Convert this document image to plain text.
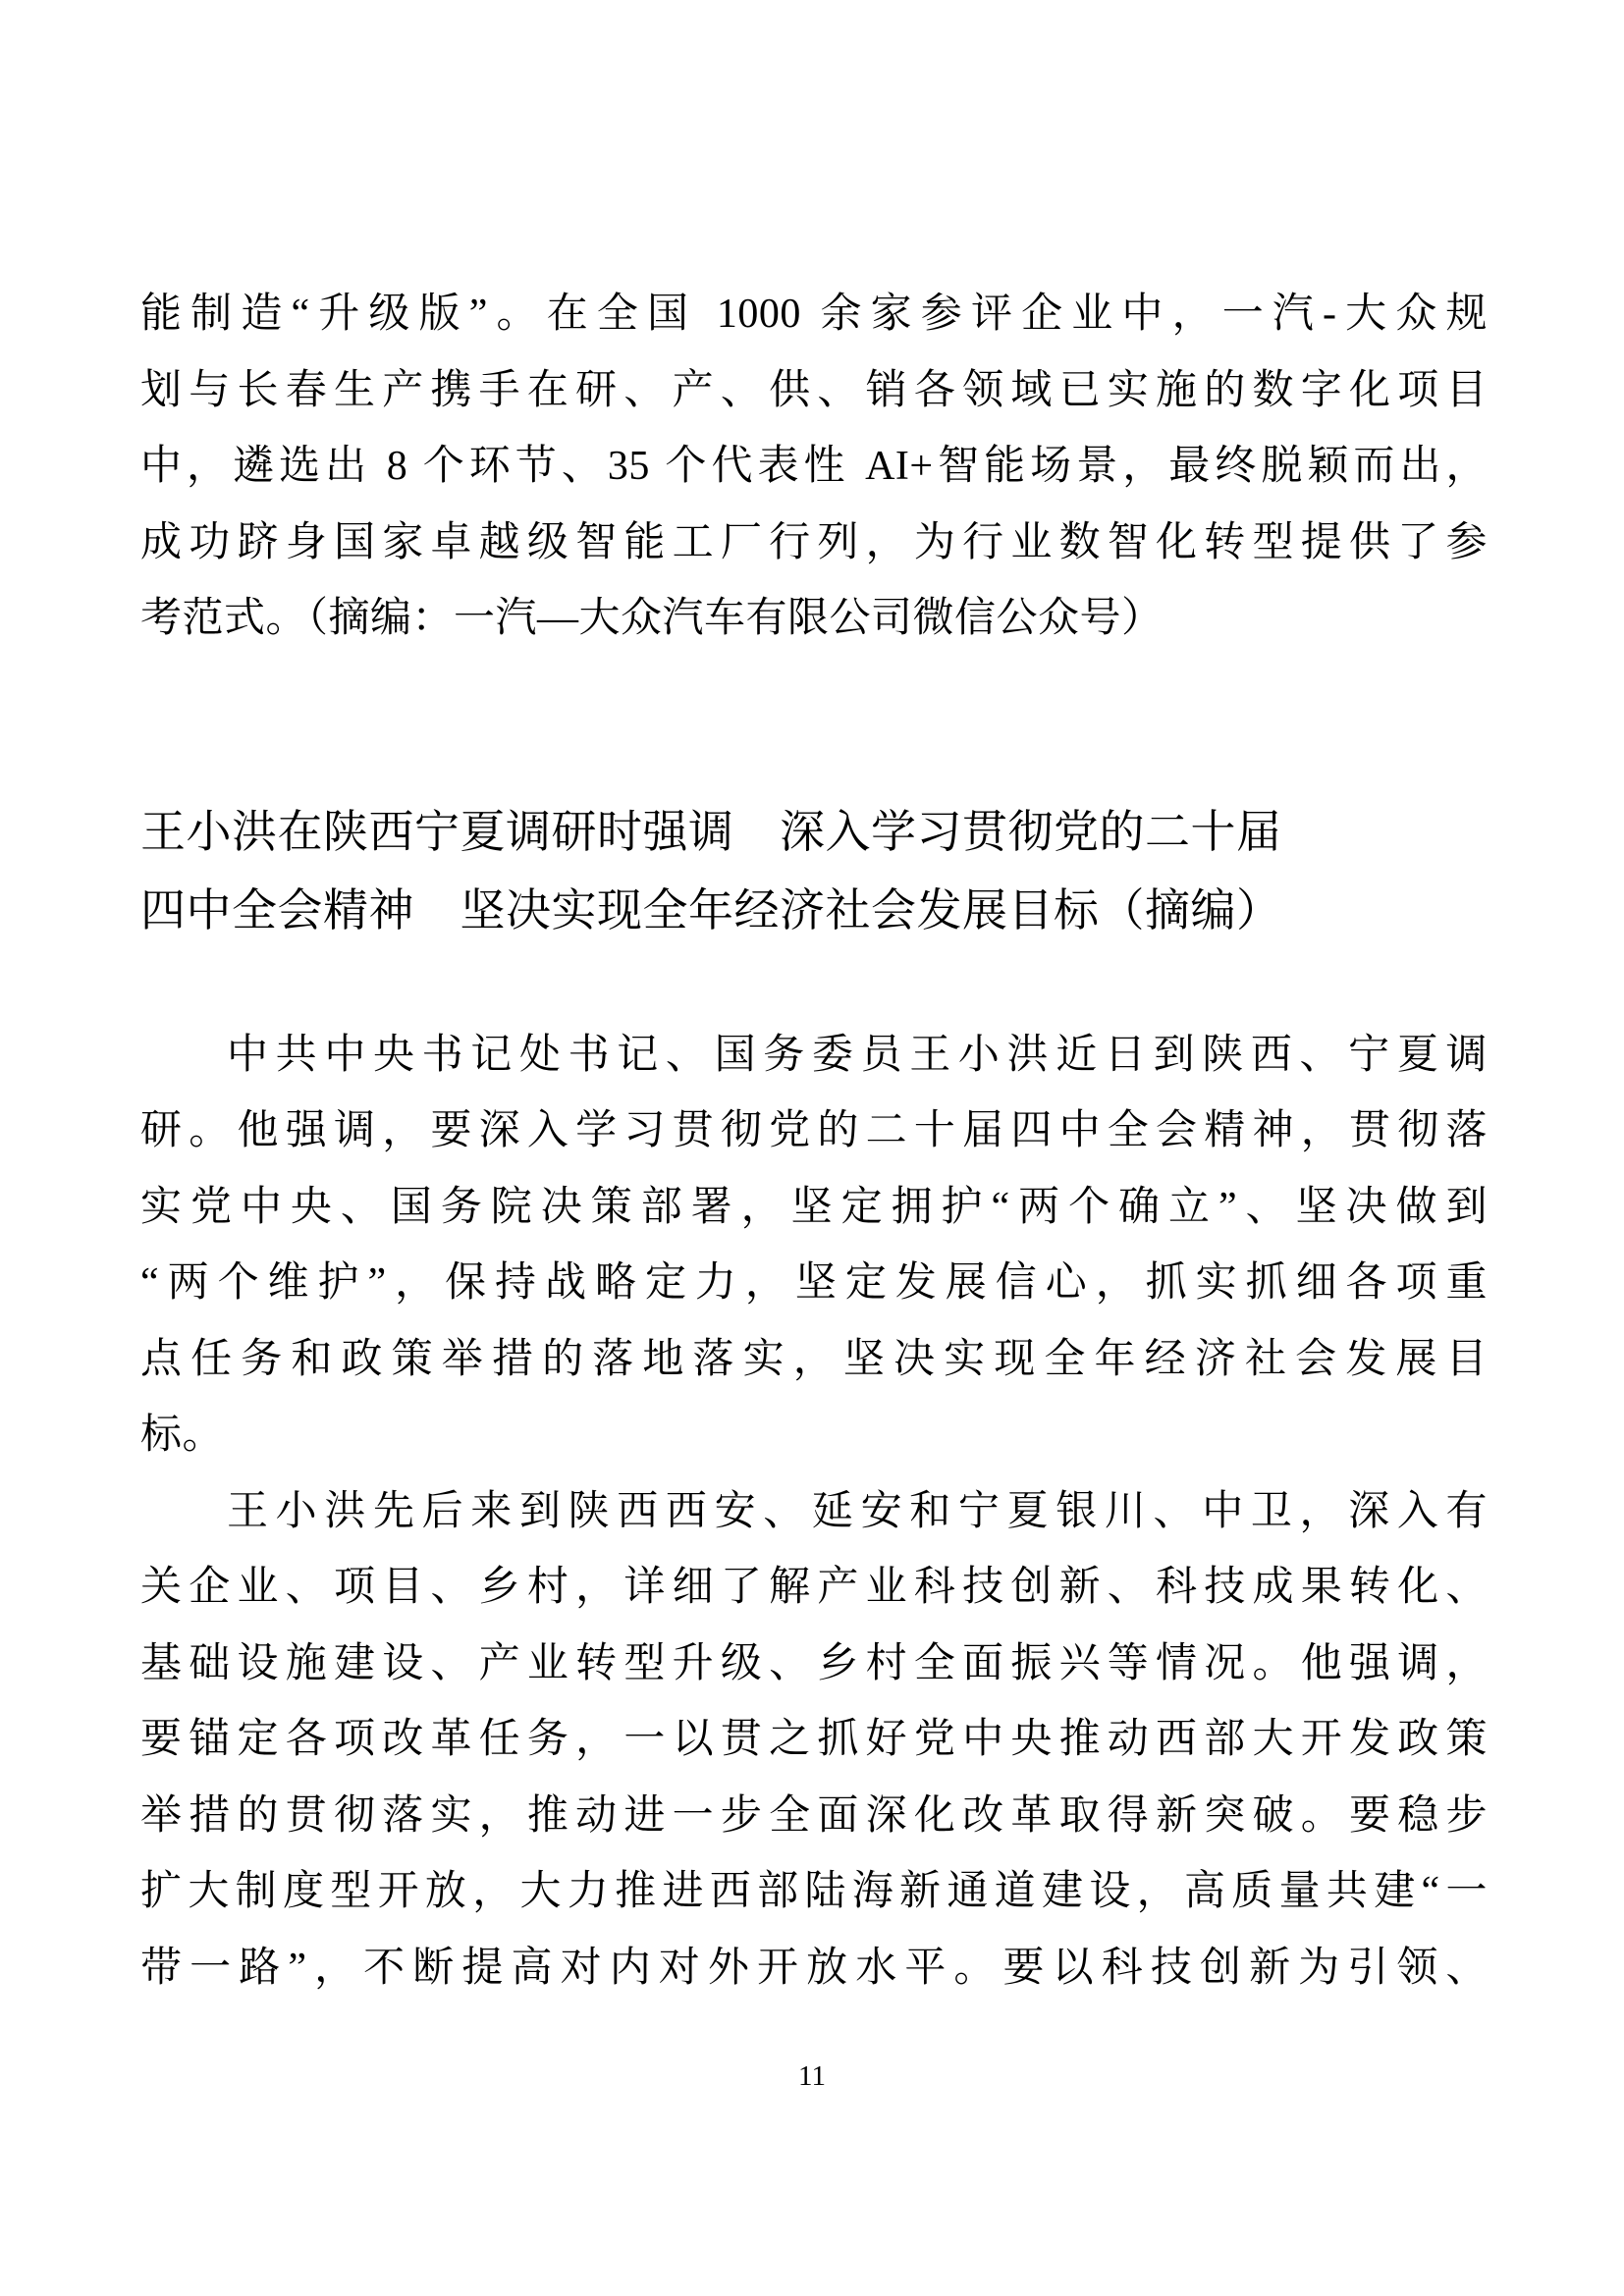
能制造“升级版”。在全国 1000 余家参评企业中，一汽-大众规

划与长春生产携手在研、产、供、销各领域已实施的数字化项目

中，遴选出 8 个环节、35 个代表性 AI+智能场景，最终脱颖而出，

成功跻身国家卓越级智能工厂行列，为行业数智化转型提供了参

考范式。（摘编：一汽—大众汽车有限公司微信公众号）

王小洪在陕西宁夏调研时强调　深入学习贯彻党的二十届
四中全会精神　坚决实现全年经济社会发展目标（摘编）

中共中央书记处书记、国务委员王小洪近日到陕西、宁夏调

研。他强调，要深入学习贯彻党的二十届四中全会精神，贯彻落

实党中央、国务院决策部署，坚定拥护“两个确立”、坚决做到

“两个维护”，保持战略定力，坚定发展信心，抓实抓细各项重

点任务和政策举措的落地落实，坚决实现全年经济社会发展目

标。

王小洪先后来到陕西西安、延安和宁夏银川、中卫，深入有

关企业、项目、乡村，详细了解产业科技创新、科技成果转化、

基础设施建设、产业转型升级、乡村全面振兴等情况。他强调，

要锚定各项改革任务，一以贯之抓好党中央推动西部大开发政策

举措的贯彻落实，推动进一步全面深化改革取得新突破。要稳步

扩大制度型开放，大力推进西部陆海新通道建设，高质量共建“一

带一路”，不断提高对内对外开放水平。要以科技创新为引领、

11
